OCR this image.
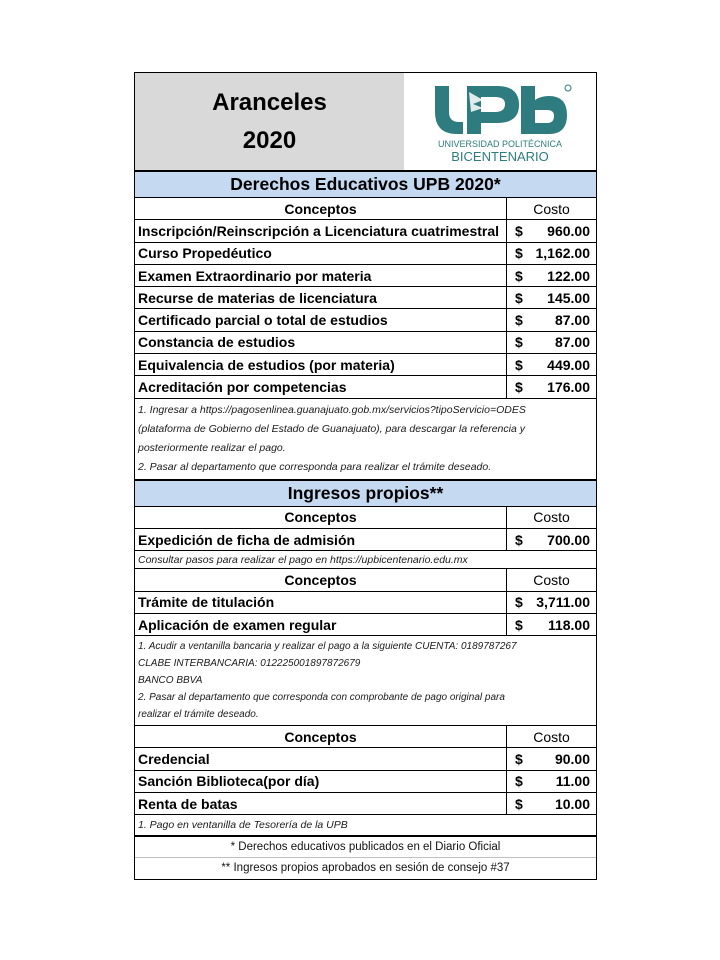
Aranceles
2020	UNIVERSIDAD POLITÉCNICA
BICENTENARIO
Derechos Educativos UPB 2020*
Conceptos	Costo
Inscripción/Reinscripción a Licenciatura cuatrimestral	$ 960.00
Curso Propedéutico	$ 1,162.00
Examen Extraordinario por materia	$ 122.00
Recurse de materias de licenciatura	$ 145.00
Certificado parcial o total de estudios	$ 87.00
Constancia de estudios	$ 87.00
Equivalencia de estudios (por materia)	$ 449.00
Acreditación por competencias	$ 176.00
1. Ingresar a https://pagosenlinea.guanajuato.gob.mx/servicios?tipoServicio=ODES
(plataforma de Gobierno del Estado de Guanajuato), para descargar la referencia y
posteriormente realizar el pago.
2. Pasar al departamento que corresponda para realizar el trámite deseado.
Ingresos propios**
Conceptos	Costo
Expedición de ficha de admisión	$ 700.00
Consultar pasos para realizar el pago en https://upbicentenario.edu.mx
Conceptos	Costo
Trámite de titulación	$ 3,711.00
Aplicación de examen regular	$ 118.00
1. Acudir a ventanilla bancaria y realizar el pago a la siguiente CUENTA: 0189787267
CLABE INTERBANCARIA: 012225001897872679
BANCO BBVA
2. Pasar al departamento que corresponda con comprobante de pago original para
realizar el trámite deseado.
Conceptos	Costo
Credencial	$ 90.00
Sanción Biblioteca(por día)	$ 11.00
Renta de batas	$ 10.00
1. Pago en ventanilla de Tesorería de la UPB
* Derechos educativos publicados en el Diario Oficial
** Ingresos propios aprobados en sesión de consejo #37
